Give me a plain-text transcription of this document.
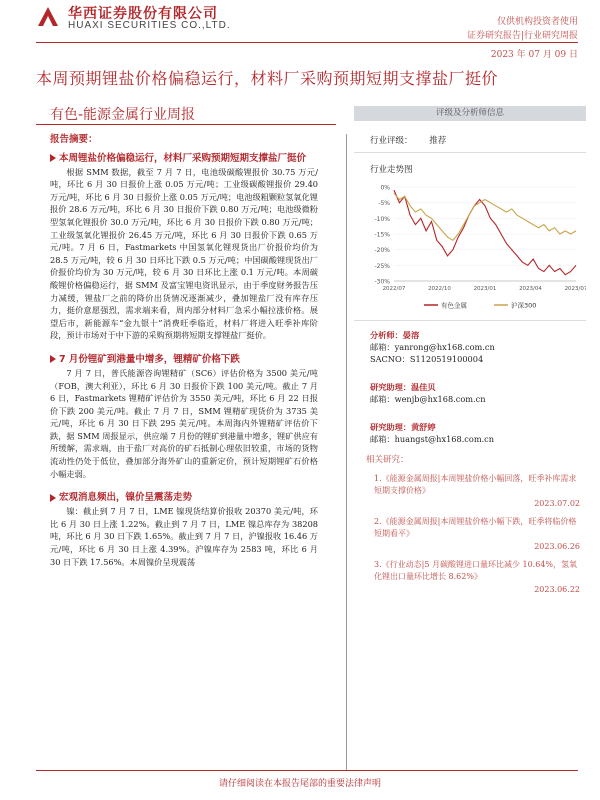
华西证券股份有限公司
HUAXI SECURITIES CO.,LTD.	仅供机构投资者使用
证券研究报告|行业研究周报
2023 年 07 月 09 日
本周预期锂盐价格偏稳运行，材料厂采购预期短期支撑盐厂挺价
有色-能源金属行业周报
报告摘要：
本周锂盐价格偏稳运行，材料厂采购预期短期支撑盐厂挺价

根据 SMM 数据，截至 7 月 7 日，电池级碳酸锂报价 30.75 万元/吨，环比 6 月 30 日报价上涨 0.05 万元/吨；工业级碳酸锂报价 29.40 万元/吨，环比 6 月 30 日报价上涨 0.05 万元/吨；电池级粗颗粒氢氧化锂报价 28.6 万元/吨，环比 6 月 30 日报价下跌 0.80 万元/吨；电池级微粉型氢氧化锂报价 30.0 万元/吨，环比 6 月 30 日报价下跌 0.80 万元/吨；工业级氢氧化锂报价 26.45 万元/吨，环比 6 月 30 日报价下跌 0.65 万元/吨。7 月 6 日，Fastmarkets 中国氢氧化锂现货出厂价报价均价为 28.5 万元/吨，较 6 月 30 日环比下跌 0.5 万元/吨；中国碳酸锂现货出厂价报价均价为 30 万元/吨，较 6 月 30 日环比上涨 0.1 万元/吨。本周碳酸锂价格偏稳运行，据 SMM 及富宝锂电资讯显示，由于季度财务报告压力减缓，锂盐厂之前的降价出货情况逐渐减少，叠加锂盐厂没有库存压力，挺价意愿强烈，需求端来看，周内部分材料厂急采小幅拉涨价格。展望后市，新能源车“金九银十”消费旺季临近，材料厂将进入旺季补库阶段，预计市场对于中下游的采购预期将短期支撑锂盐厂挺价。

7 月份锂矿到港量中增多，锂精矿价格下跌

7 月 7 日，普氏能源咨询锂精矿（SC6）评估价格为 3500 美元/吨（FOB，澳大利亚），环比 6 月 30 日报价下跌 100 美元/吨。截止 7 月 6 日，Fastmarkets 锂精矿评估价为 3550 美元/吨，环比 6 月 22 日报价下跌 200 美元/吨。截止 7 月 7 日，SMM 锂精矿现货价为 3735 美元/吨，环比 6 月 30 日下跌 295 美元/吨。本周海内外锂精矿评估价下跌，据 SMM 周报显示，供应端 7 月份的锂矿到港量中增多，锂矿供应有所缓解，需求端，由于盐厂对高价的矿石抵制心理依旧较重，市场的货物流动性仍处于低位，叠加部分海外矿山的重新定价，预计短期锂矿石价格小幅走弱。

宏观消息频出，镍价呈震荡走势

镍：截止到 7 月 7 日，LME 镍现货结算价报收 20370 美元/吨，环比 6 月 30 日上涨 1.22%。截止到 7 月 7 日，LME 镍总库存为 38208 吨，环比 6 月 30 日下跌 1.65%。截止到 7 月 7 日，沪镍报收 16.46 万元/吨，环比 6 月 30 日上涨 4.39%。沪镍库存为 2583 吨，环比 6 月 30 日下跌 17.56%。本周镍价呈现震荡

评级及分析师信息
行业评级： 推荐
行业走势图
0%
-5%
-10%
-15%
-20%
-25%
-30%
2022/07	2022/10	2023/01	2023/04	2023/07
有色金属	沪深300
分析师：晏溶
邮箱：yanrong@hx168.com.cn
SACNO：S1120519100004
研究助理：温佳贝
邮箱：wenjb@hx168.com.cn
研究助理：黄舒婷
邮箱：huangst@hx168.com.cn
相关研究：
1.《能源金属周报|本周锂盐价格小幅回落，旺季补库需求短期支撑价格》
2023.07.02
2.《能源金属周报|本周锂盐价格小幅下跌，旺季将临价格短期看平》
2023.06.26
3.《行业动态|5 月碳酸锂进口量环比减少 10.64%，氢氧化锂出口量环比增长 8.62%》
2023.06.22
请仔细阅读在本报告尾部的重要法律声明
